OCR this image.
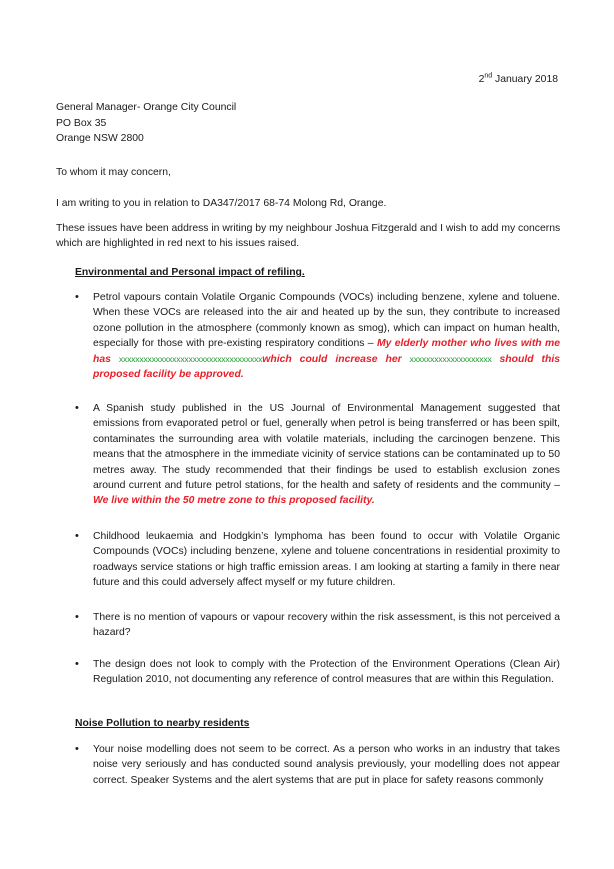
2nd January 2018
General Manager- Orange City Council
PO Box 35
Orange NSW 2800
To whom it may concern,
I am writing to you in relation to DA347/2017 68-74 Molong Rd, Orange.
These issues have been address in writing by my neighbour Joshua Fitzgerald and I wish to add my concerns which are highlighted in red next to his issues raised.
Environmental and Personal impact of refiling.
• Petrol vapours contain Volatile Organic Compounds (VOCs) including benzene, xylene and toluene. When these VOCs are released into the air and heated up by the sun, they contribute to increased ozone pollution in the atmosphere (commonly known as smog), which can impact on human health, especially for those with pre-existing respiratory conditions – My elderly mother who lives with me has xxxxxxxxxxxxxxxxxxxxxxxxxxxxxxxxxxxwhich could increase her xxxxxxxxxxxxxxxxxxxx should this proposed facility be approved.
• A Spanish study published in the US Journal of Environmental Management suggested that emissions from evaporated petrol or fuel, generally when petrol is being transferred or has been spilt, contaminates the surrounding area with volatile materials, including the carcinogen benzene. This means that the atmosphere in the immediate vicinity of service stations can be contaminated up to 50 metres away. The study recommended that their findings be used to establish exclusion zones around current and future petrol stations, for the health and safety of residents and the community – We live within the 50 metre zone to this proposed facility.
• Childhood leukaemia and Hodgkin’s lymphoma has been found to occur with Volatile Organic Compounds (VOCs) including benzene, xylene and toluene concentrations in residential proximity to roadways service stations or high traffic emission areas. I am looking at starting a family in there near future and this could adversely affect myself or my future children.
• There is no mention of vapours or vapour recovery within the risk assessment, is this not perceived a hazard?
• The design does not look to comply with the Protection of the Environment Operations (Clean Air) Regulation 2010, not documenting any reference of control measures that are within this Regulation.
Noise Pollution to nearby residents
• Your noise modelling does not seem to be correct. As a person who works in an industry that takes noise very seriously and has conducted sound analysis previously, your modelling does not appear correct. Speaker Systems and the alert systems that are put in place for safety reasons commonly
